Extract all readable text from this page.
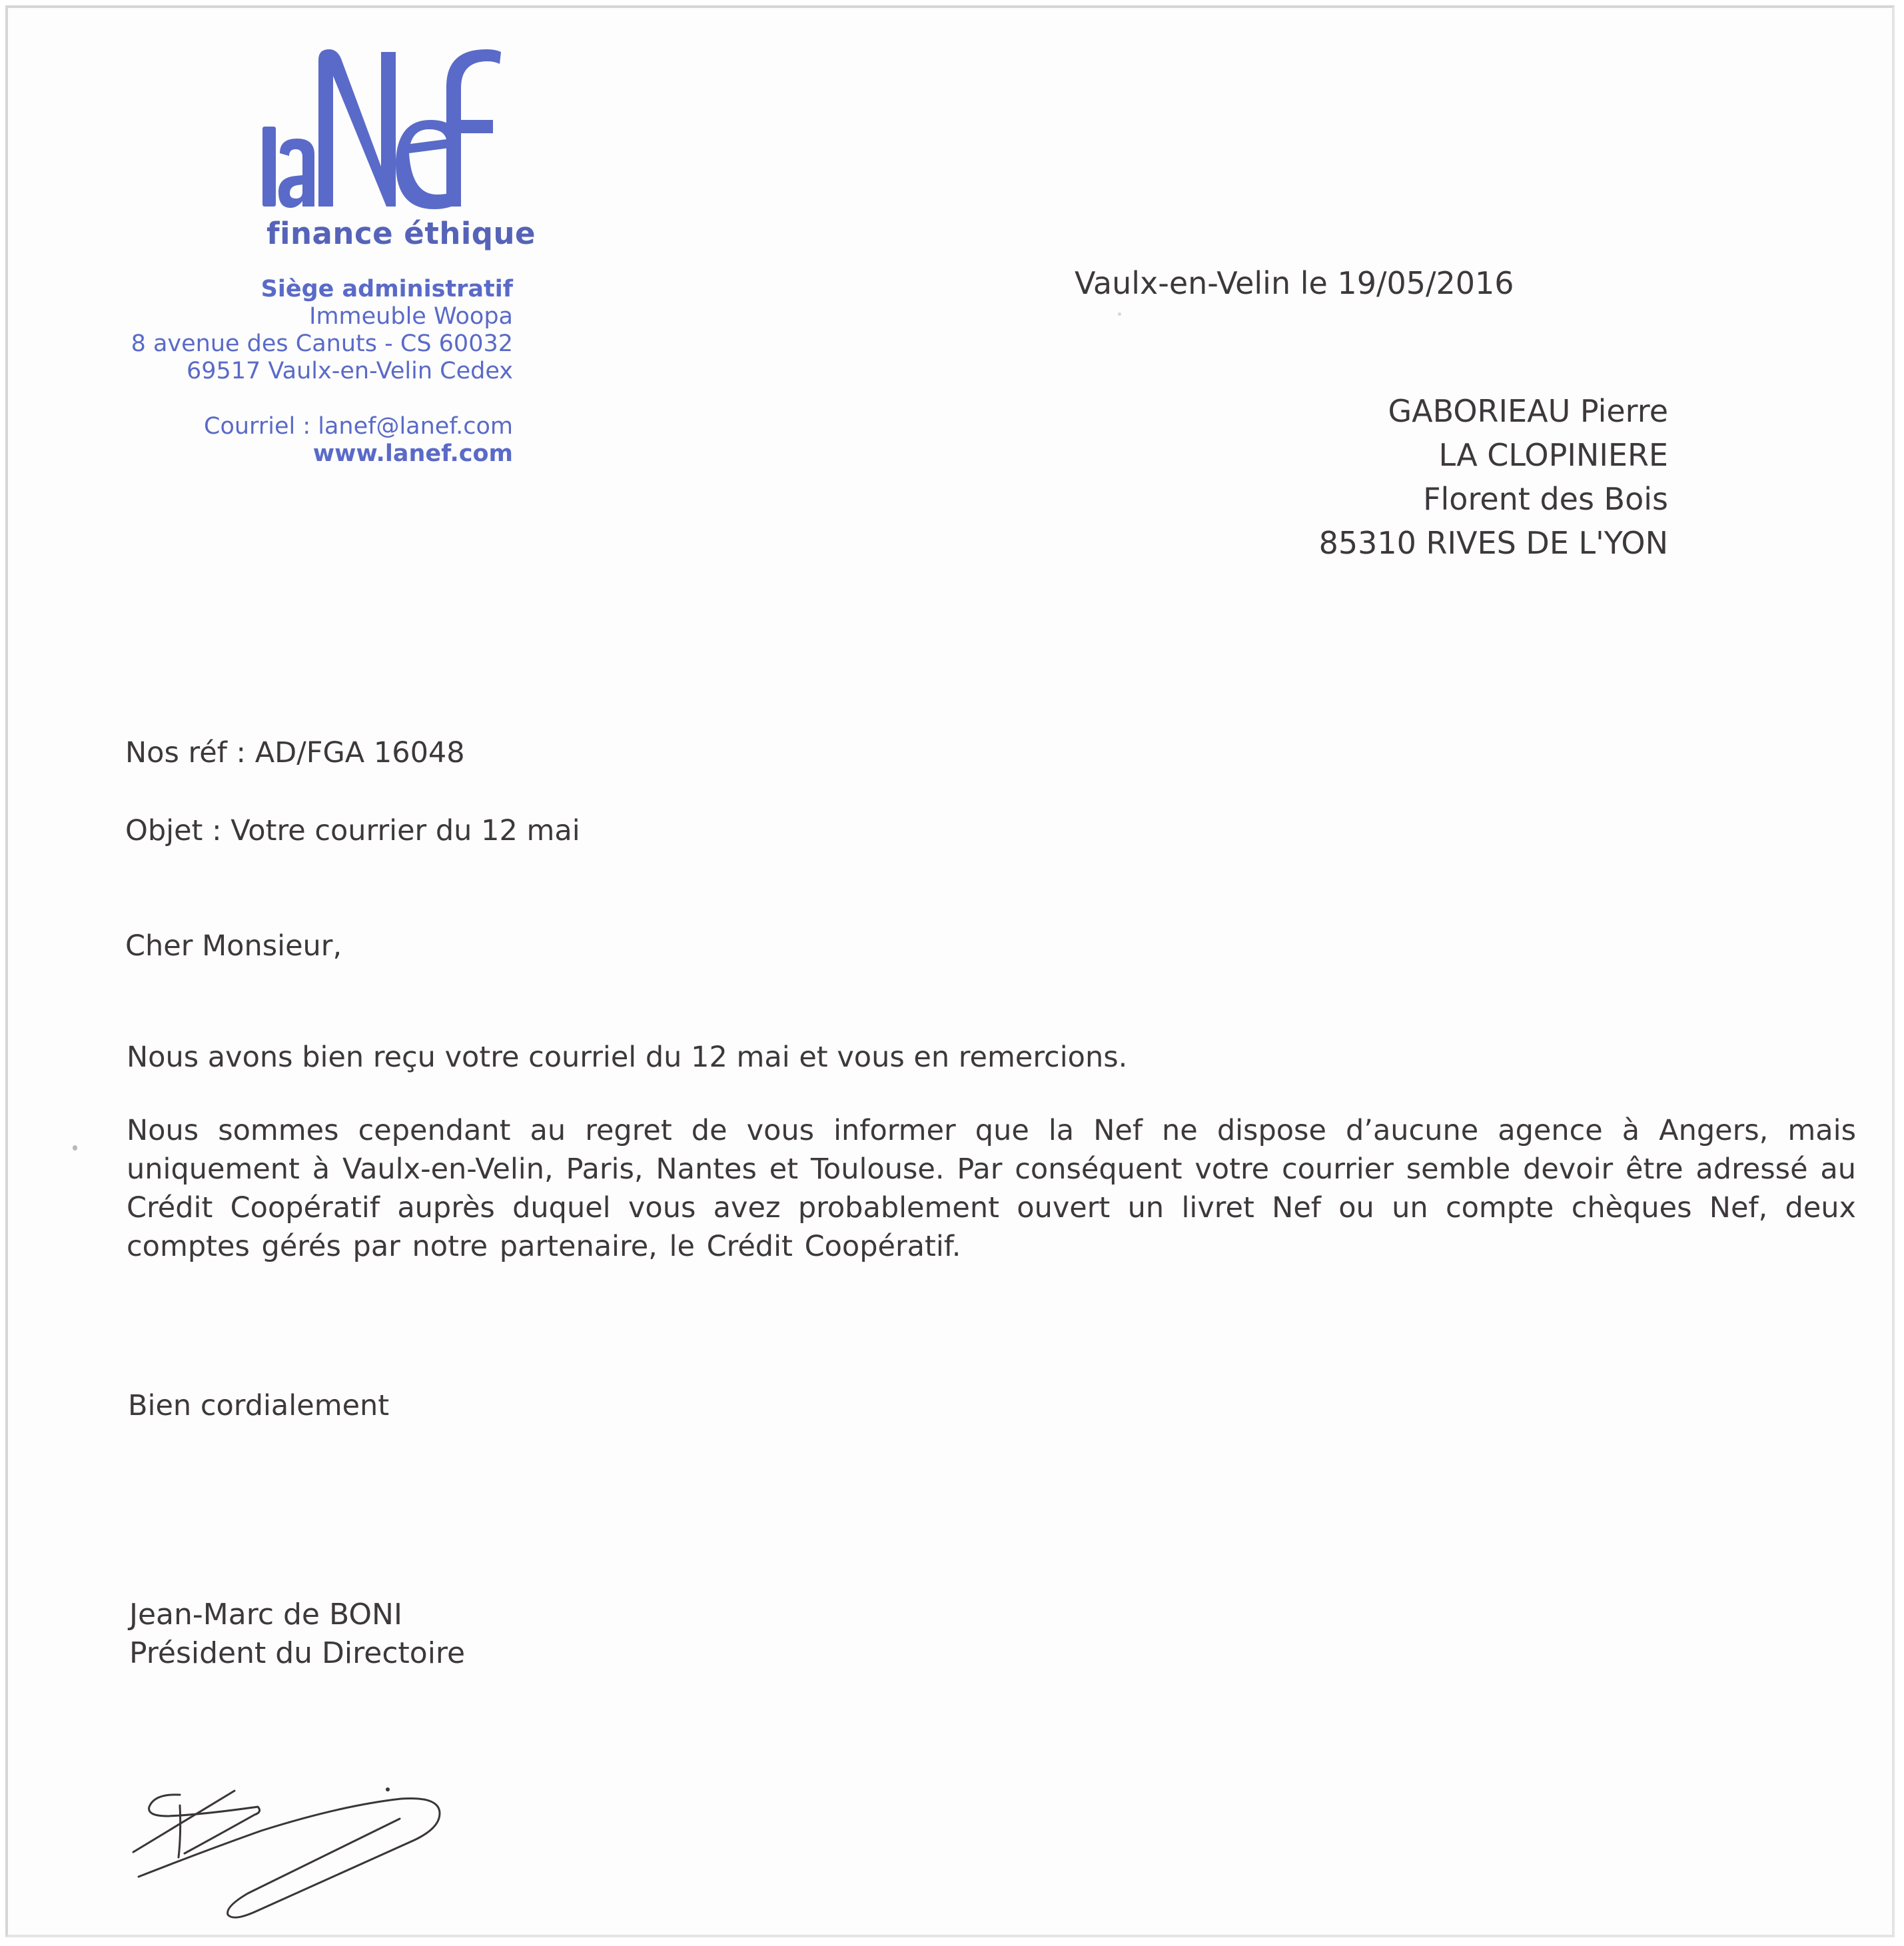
finance éthique
Siège administratif
Immeuble Woopa
8 avenue des Canuts - CS 60032
69517 Vaulx-en-Velin Cedex
Courriel : lanef@lanef.com
www.lanef.com
Vaulx-en-Velin le 19/05/2016
GABORIEAU Pierre
LA CLOPINIERE
Florent des Bois
85310 RIVES DE L'YON
Nos réf : AD/FGA 16048
Objet : Votre courrier du 12 mai
Cher Monsieur,
Nous avons bien reçu votre courriel du 12 mai et vous en remercions.
Nous sommes cependant au regret de vous informer que la Nef ne dispose d’aucune agence à Angers, mais uniquement à Vaulx-en-Velin, Paris, Nantes et Toulouse. Par conséquent votre courrier semble devoir être adressé au Crédit Coopératif auprès duquel vous avez probablement ouvert un livret Nef ou un compte chèques Nef, deux comptes gérés par notre partenaire, le Crédit Coopératif.
Bien cordialement
Jean-Marc de BONI
Président du Directoire
